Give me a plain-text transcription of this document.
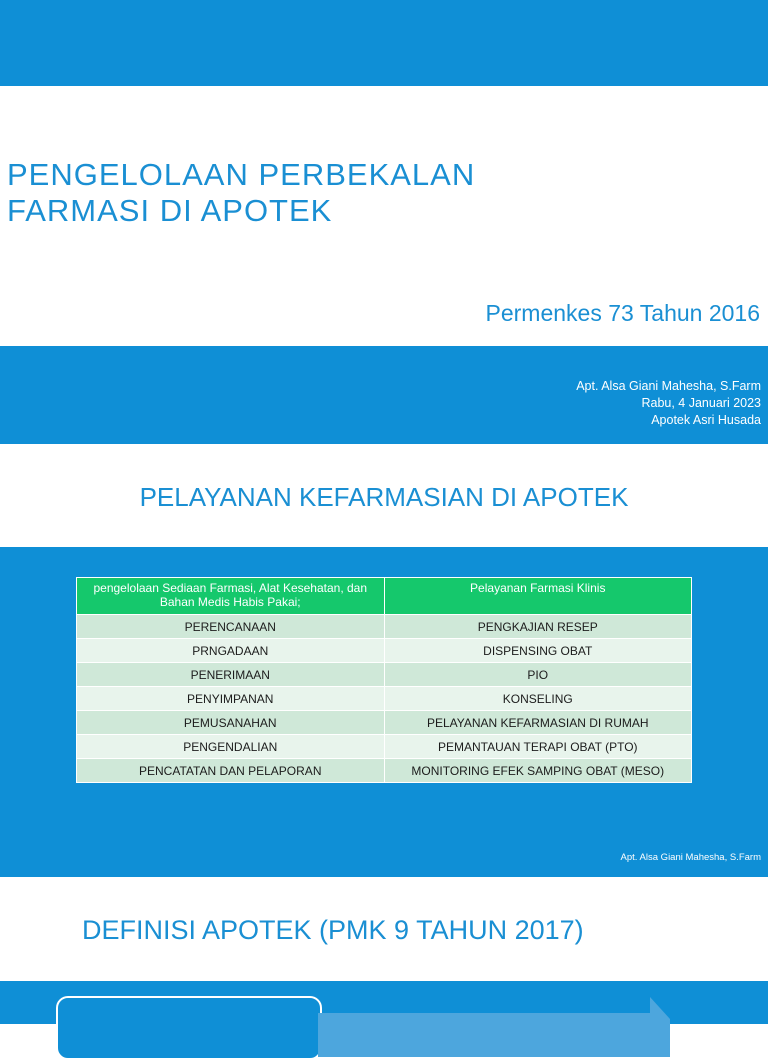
PENGELOLAAN PERBEKALAN
FARMASI DI APOTEK

Permenkes 73 Tahun 2016

Apt. Alsa Giani Mahesha, S.Farm
Rabu, 4 Januari 2023
Apotek Asri Husada
PELAYANAN KEFARMASIAN DI APOTEK
pengelolaan Sediaan Farmasi, Alat Kesehatan, dan Bahan Medis Habis Pakai;	Pelayanan Farmasi Klinis
PERENCANAAN	PENGKAJIAN RESEP
PRNGADAAN	DISPENSING OBAT
PENERIMAAN	PIO
PENYIMPANAN	KONSELING
PEMUSANAHAN	PELAYANAN KEFARMASIAN DI RUMAH
PENGENDALIAN	PEMANTAUAN TERAPI OBAT (PTO)
PENCATATAN DAN PELAPORAN	MONITORING EFEK SAMPING OBAT (MESO)
Apt. Alsa Giani Mahesha, S.Farm
DEFINISI APOTEK (PMK 9 TAHUN 2017)
